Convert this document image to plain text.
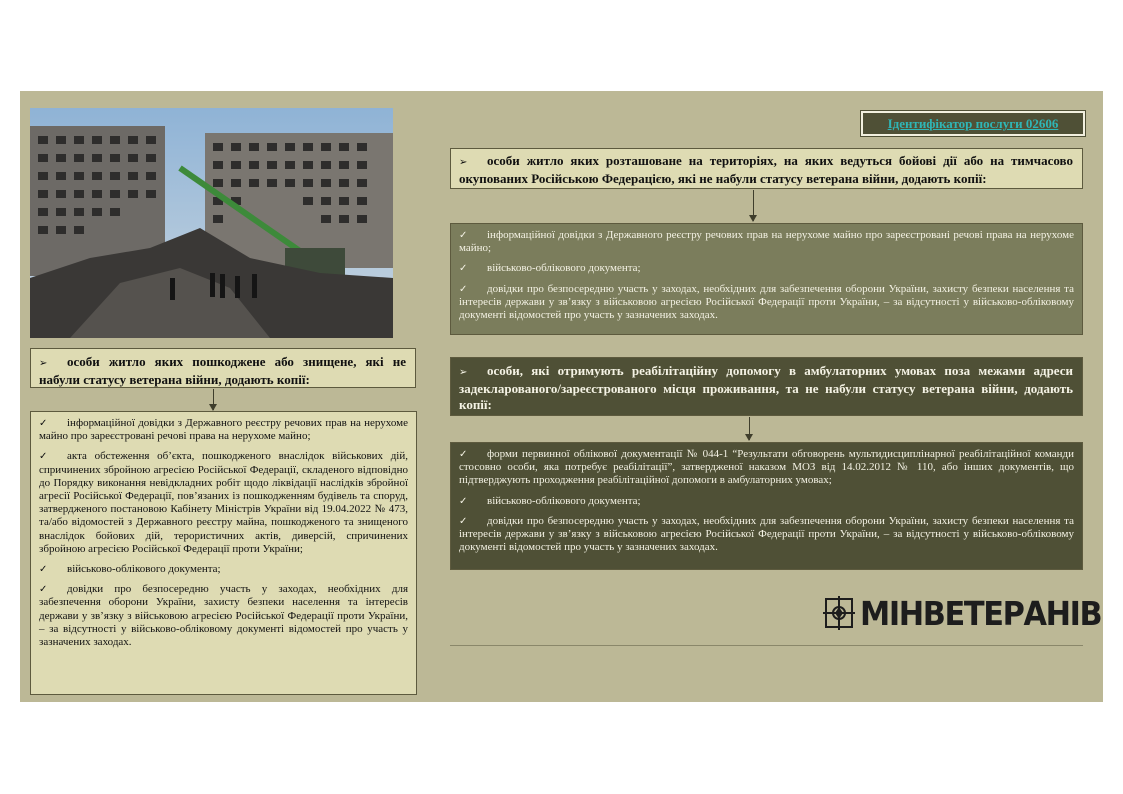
Ідентифікатор послуги 02606
➢ особи житло яких пошкоджене або знищене, які не набули статусу ветерана війни, додають копії:

✓ інформаційної довідки з Державного реєстру речових прав на нерухоме майно про зареєстровані речові права на нерухоме майно;

✓ акта обстеження об’єкта, пошкодженого внаслідок військових дій, спричинених збройною агресією Російської Федерації, складеного відповідно до Порядку виконання невідкладних робіт щодо ліквідації наслідків збройної агресії Російської Федерації, пов’язаних із пошкодженням будівель та споруд, затвердженого постановою Кабінету Міністрів України від 19.04.2022 № 473, та/або відомостей з Державного реєстру майна, пошкодженого та знищеного внаслідок бойових дій, терористичних актів, диверсій, спричинених збройною агресією Російської Федерації проти України;

✓ військово-облікового документа;

✓ довідки про безпосередню участь у заходах, необхідних для забезпечення оборони України, захисту безпеки населення та інтересів держави у зв’язку з військовою агресією Російської Федерації проти України, – за відсутності у військово-обліковому документі відомостей про участь у зазначених заходах.

➢ особи житло яких розташоване на територіях, на яких ведуться бойові дії або на тимчасово окупованих Російською Федерацією, які не набули статусу ветерана війни, додають копії:

✓ інформаційної довідки з Державного реєстру речових прав на нерухоме майно про зареєстровані речові права на нерухоме майно;

✓ військово-облікового документа;

✓ довідки про безпосередню участь у заходах, необхідних для забезпечення оборони України, захисту безпеки населення та інтересів держави у зв’язку з військовою агресією Російської Федерації проти України, – за відсутності у військово-обліковому документі відомостей про участь у зазначених заходах.

➢ особи, які отримують реабілітаційну допомогу в амбулаторних умовах поза межами адреси задекларованого/зареєстрованого місця проживання, та не набули статусу ветерана війни, додають копії:

✓ форми первинної облікової документації № 044-1 “Результати обговорень мультидисциплінарної реабілітаційної команди стосовно особи, яка потребує реабілітації”, затвердженої наказом МОЗ від 14.02.2012 № 110, або інших документів, що підтверджують проходження реабілітаційної допомоги в амбулаторних умовах;

✓ військово-облікового документа;

✓ довідки про безпосередню участь у заходах, необхідних для забезпечення оборони України, захисту безпеки населення та інтересів держави у зв’язку з військовою агресією Російської Федерації проти України, – за відсутності у військово-обліковому документі відомостей про участь у зазначених заходах.

МІНВЕТЕРАНІВ
